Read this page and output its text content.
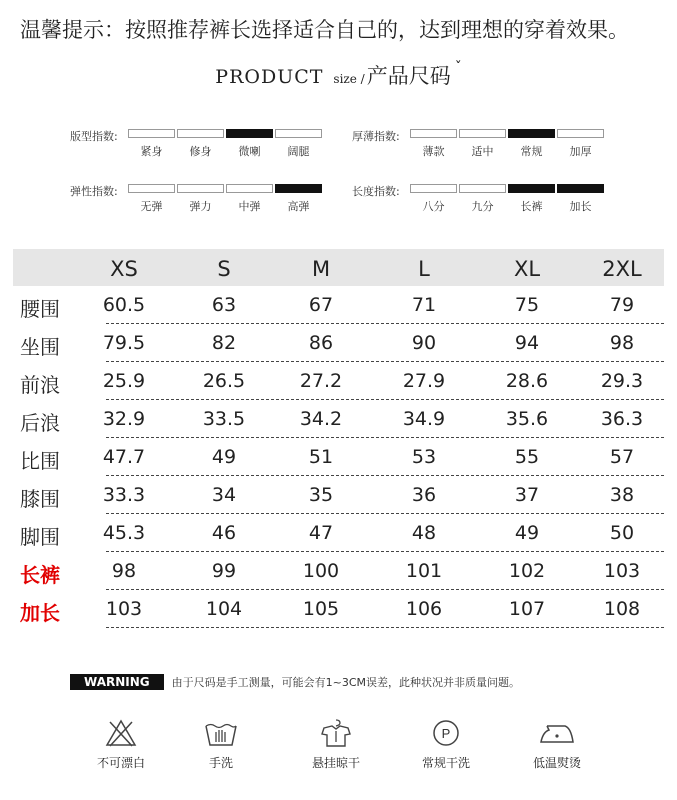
温馨提示：按照推荐裤长选择适合自己的，达到理想的穿着效果。
PRODUCT size /产品尺码 ˇ
版型指数:
紧身	修身	微喇	阔腿
厚薄指数:
薄款	适中	常规	加厚
弹性指数:
无弹	弹力	中弹	高弹
长度指数:
八分	九分	长裤	加长
XS	S	M	L	XL	2XL
腰围	60.5	63	67	71	75	79
坐围	79.5	82	86	90	94	98
前浪	25.9	26.5	27.2	27.9	28.6	29.3
后浪	32.9	33.5	34.2	34.9	35.6	36.3
比围	47.7	49	51	53	55	57
膝围	33.3	34	35	36	37	38
脚围	45.3	46	47	48	49	50
长裤	98	99	100	101	102	103
加长	103	104	105	106	107	108
WARNING 由于尺码是手工测量，可能会有1~3CM误差，此种状况并非质量问题。
不可漂白	手洗	悬挂晾干
P
常规干洗	低温熨烫
